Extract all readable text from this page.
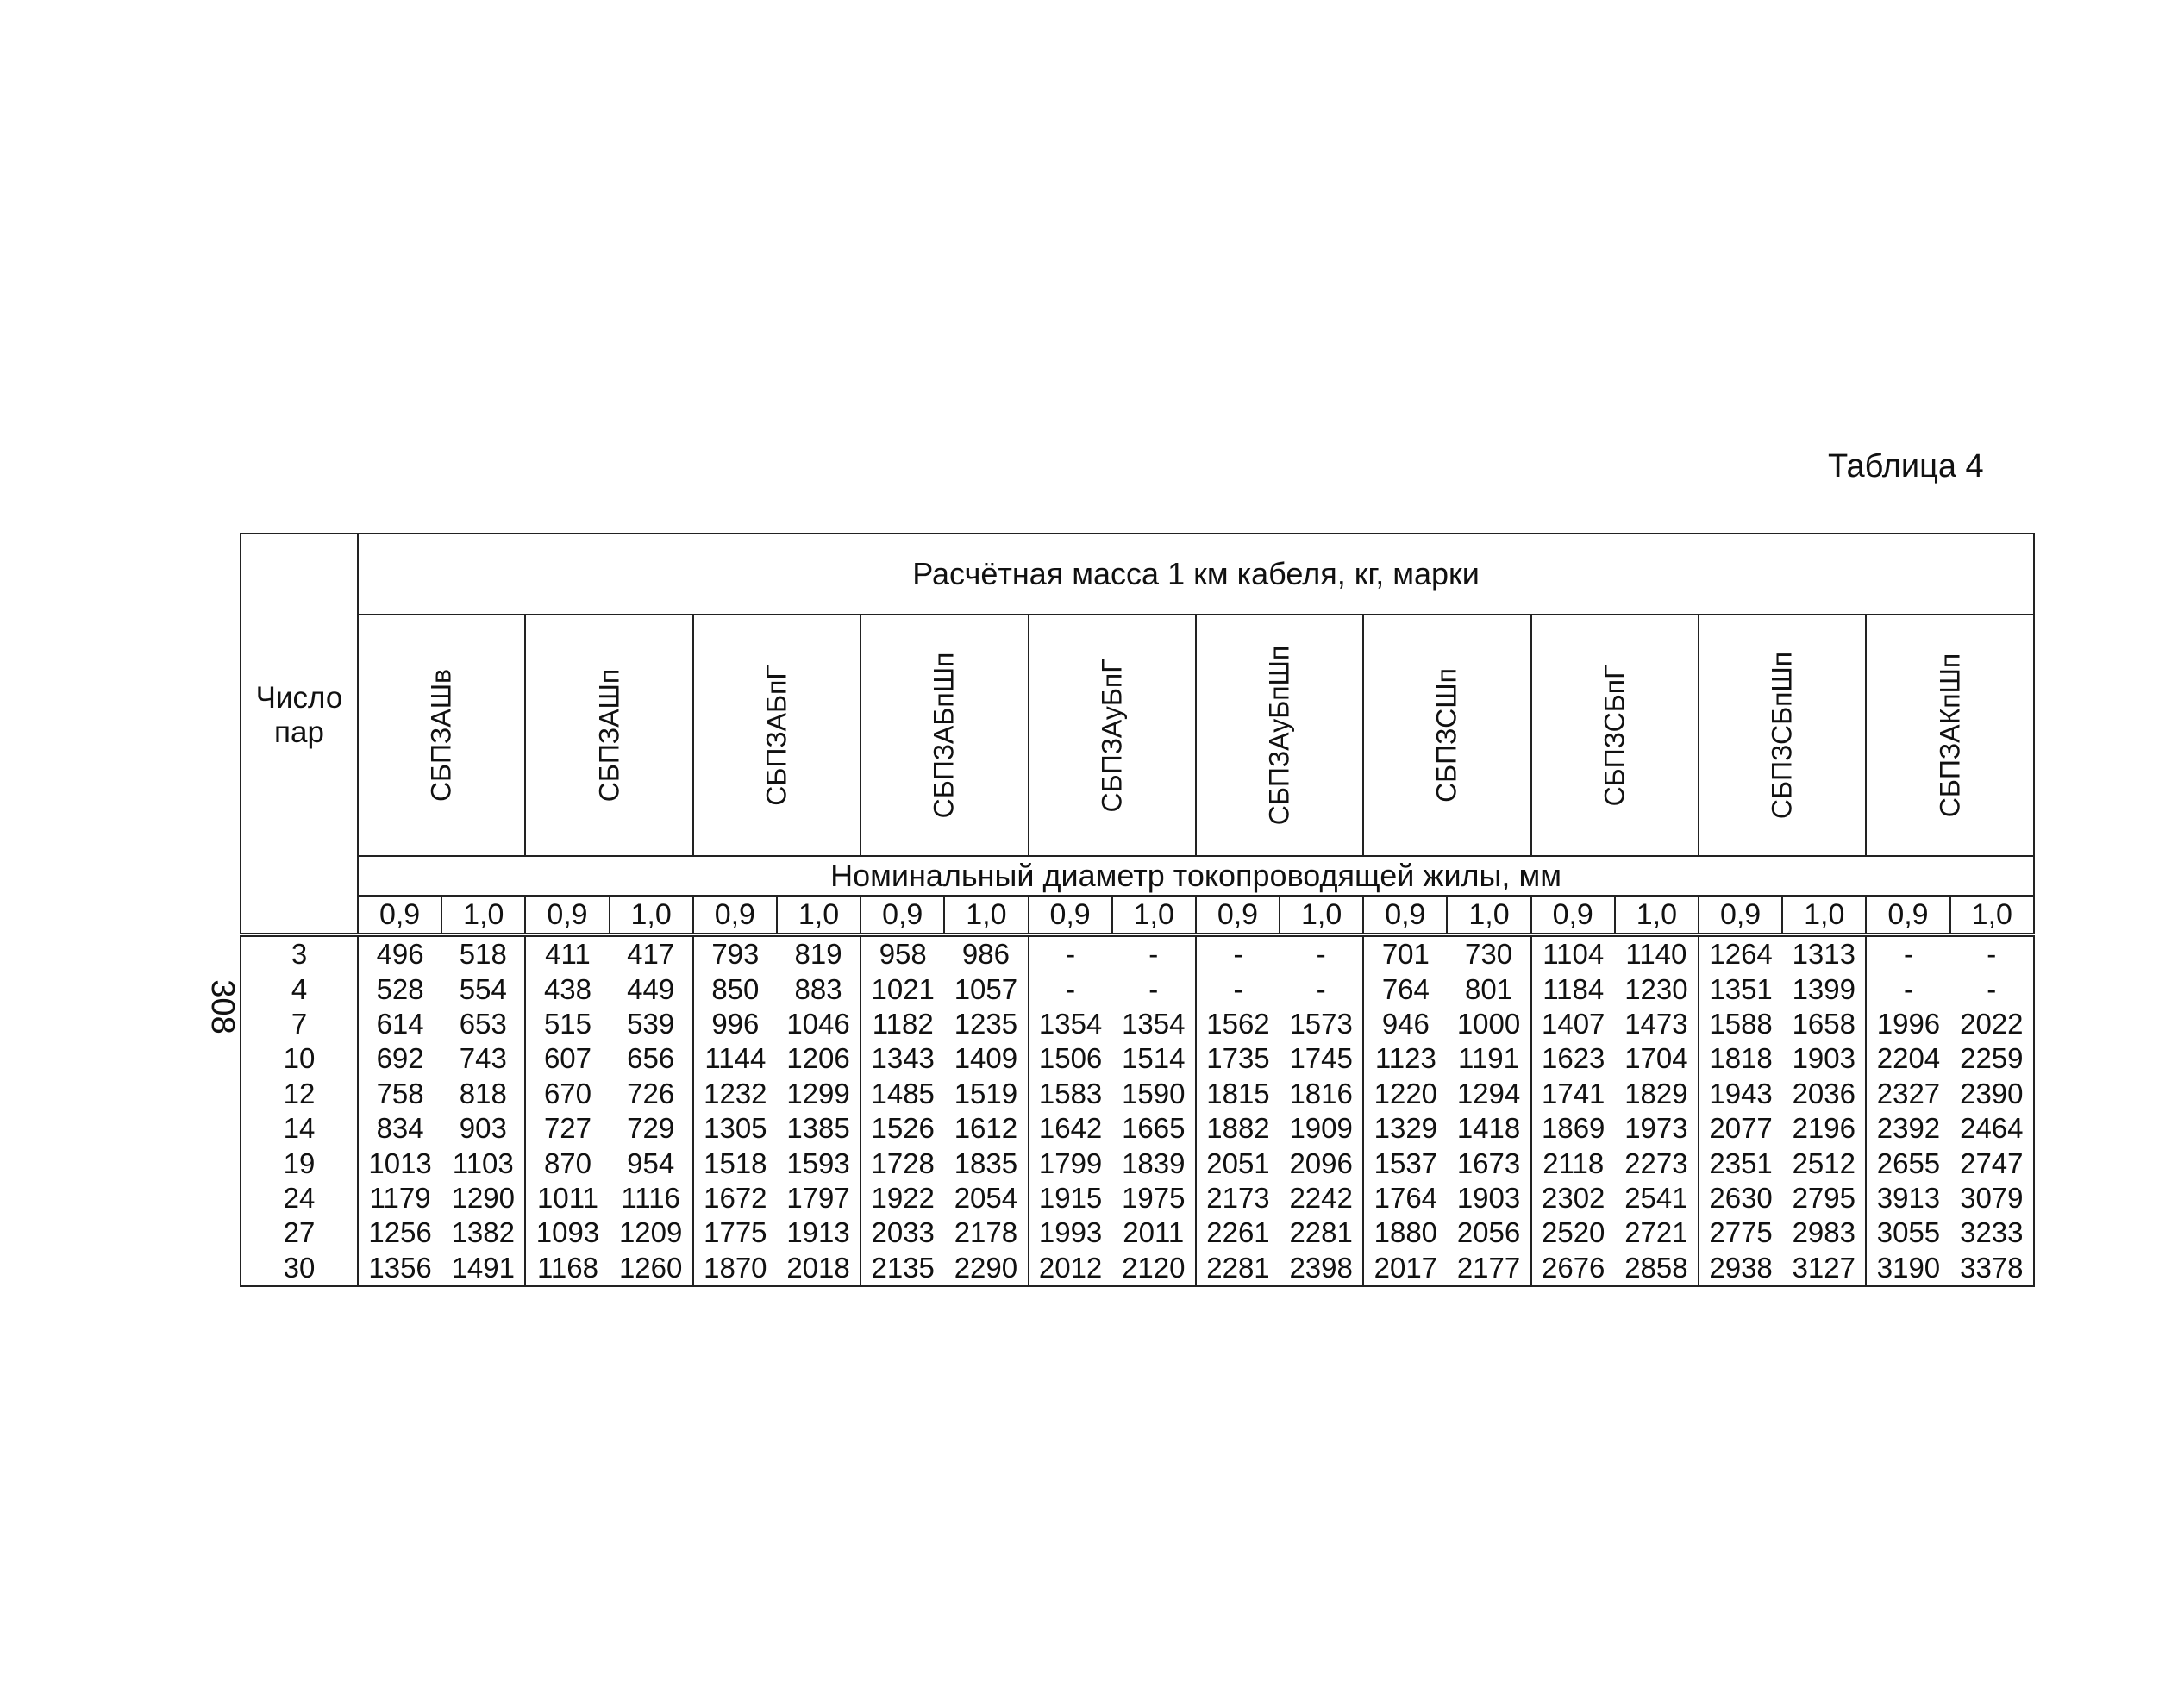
308
Таблица 4
Число
пар	Расчётная масса 1 км кабеля, кг, марки																			

	СБПЗАШв		СБПЗАШп		СБПЗАБпГ		СБПЗАБпШп		СБПЗАуБпГ		СБПЗАуБпШп		СБПЗСШп		СБПЗСБпГ		СБПЗСБпШп		СБПЗАКпШп	

	Номинальный диаметр токопроводящей жилы, мм																			
	0,9	1,0	0,9	1,0	0,9	1,0	0,9	1,0	0,9	1,0	0,9	1,0	0,9	1,0	0,9	1,0	0,9	1,0	0,9	1,0
3	496	518	411	417	793	819	958	986	-	-	-	-	701	730	1104	1140	1264	1313	-	-
4	528	554	438	449	850	883	1021	1057	-	-	-	-	764	801	1184	1230	1351	1399	-	-
7	614	653	515	539	996	1046	1182	1235	1354	1354	1562	1573	946	1000	1407	1473	1588	1658	1996	2022
10	692	743	607	656	1144	1206	1343	1409	1506	1514	1735	1745	1123	1191	1623	1704	1818	1903	2204	2259
12	758	818	670	726	1232	1299	1485	1519	1583	1590	1815	1816	1220	1294	1741	1829	1943	2036	2327	2390
14	834	903	727	729	1305	1385	1526	1612	1642	1665	1882	1909	1329	1418	1869	1973	2077	2196	2392	2464
19	1013	1103	870	954	1518	1593	1728	1835	1799	1839	2051	2096	1537	1673	2118	2273	2351	2512	2655	2747
24	1179	1290	1011	1116	1672	1797	1922	2054	1915	1975	2173	2242	1764	1903	2302	2541	2630	2795	3913	3079
27	1256	1382	1093	1209	1775	1913	2033	2178	1993	2011	2261	2281	1880	2056	2520	2721	2775	2983	3055	3233
30	1356	1491	1168	1260	1870	2018	2135	2290	2012	2120	2281	2398	2017	2177	2676	2858	2938	3127	3190	3378
